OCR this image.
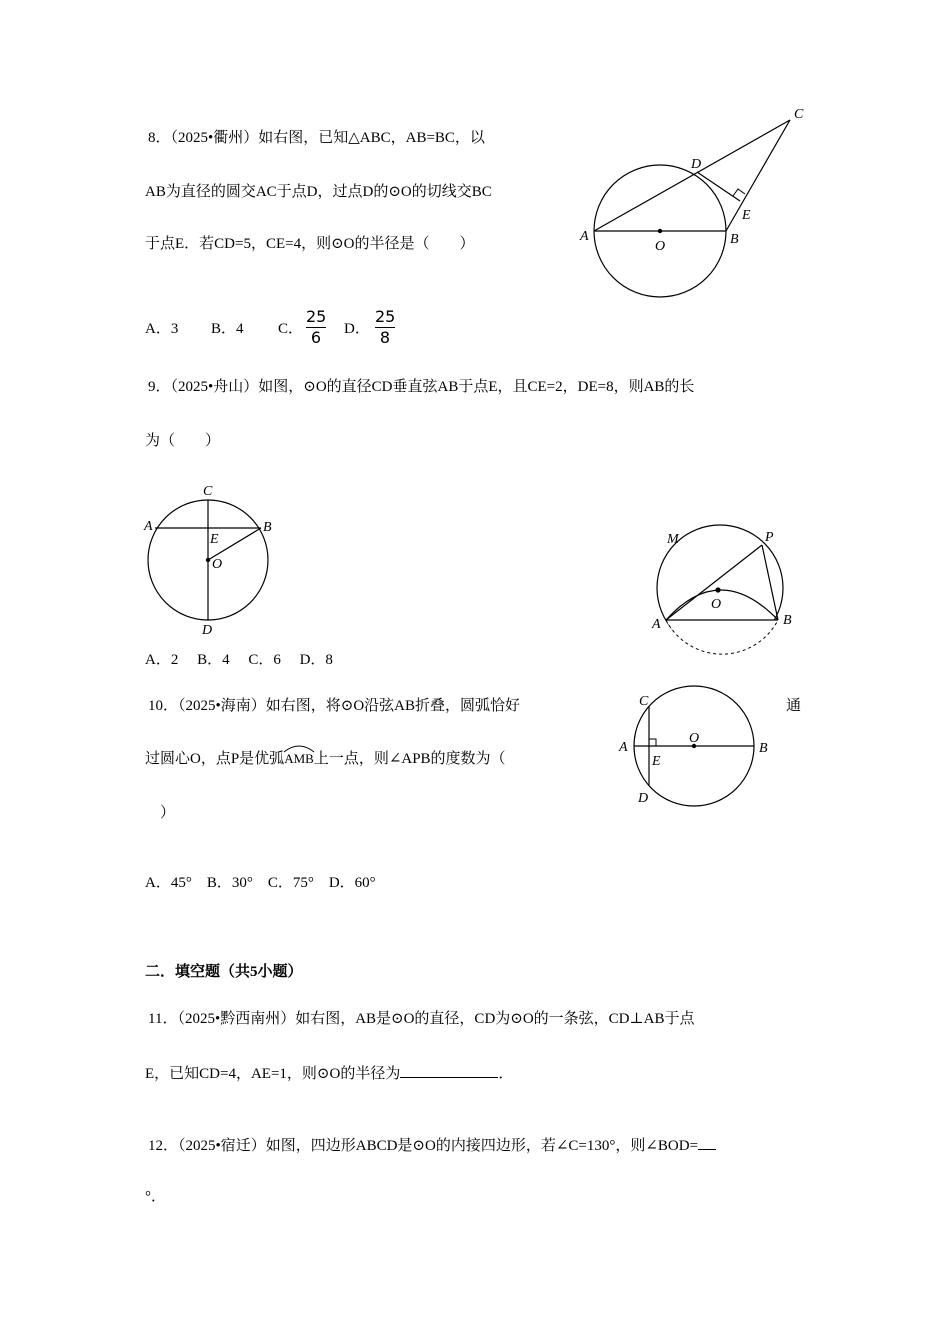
8．（2025•衢州）如右图，已知△ABC，AB=BC，以
AB为直径的圆交AC于点D，过点D的⊙O的切线交BC
于点E．若CD=5，CE=4，则⊙O的半径是（　　）
A．3 B．4 C．
25
6	D．
25
8
A
O	B
E
D
C
9．（2025•舟山）如图，⊙O的直径CD垂直弦AB于点E，且CE=2，DE=8，则AB的长
为（　　）
C
A	B
E
O
D
A．2　 B．4　 C．6　 D．8
M	P
A	B
O
10．（2025•海南）如右图，将⊙O沿弦AB折叠，圆弧恰好	通
过圆心O，点P是优弧
AMB上一点，则∠APB的度数为（
）
C
A
E
O
B
D
A．45°　B．30°　C．75°　D．60°
二．填空题（共5小题）
11．（2025•黔西南州）如右图，AB是⊙O的直径，CD为⊙O的一条弦，CD⊥AB于点
E，已知CD=4，AE=1，则⊙O的半径为	．
12．（2025•宿迁）如图，四边形ABCD是⊙O的内接四边形，若∠C=130°，则∠BOD=
°．
